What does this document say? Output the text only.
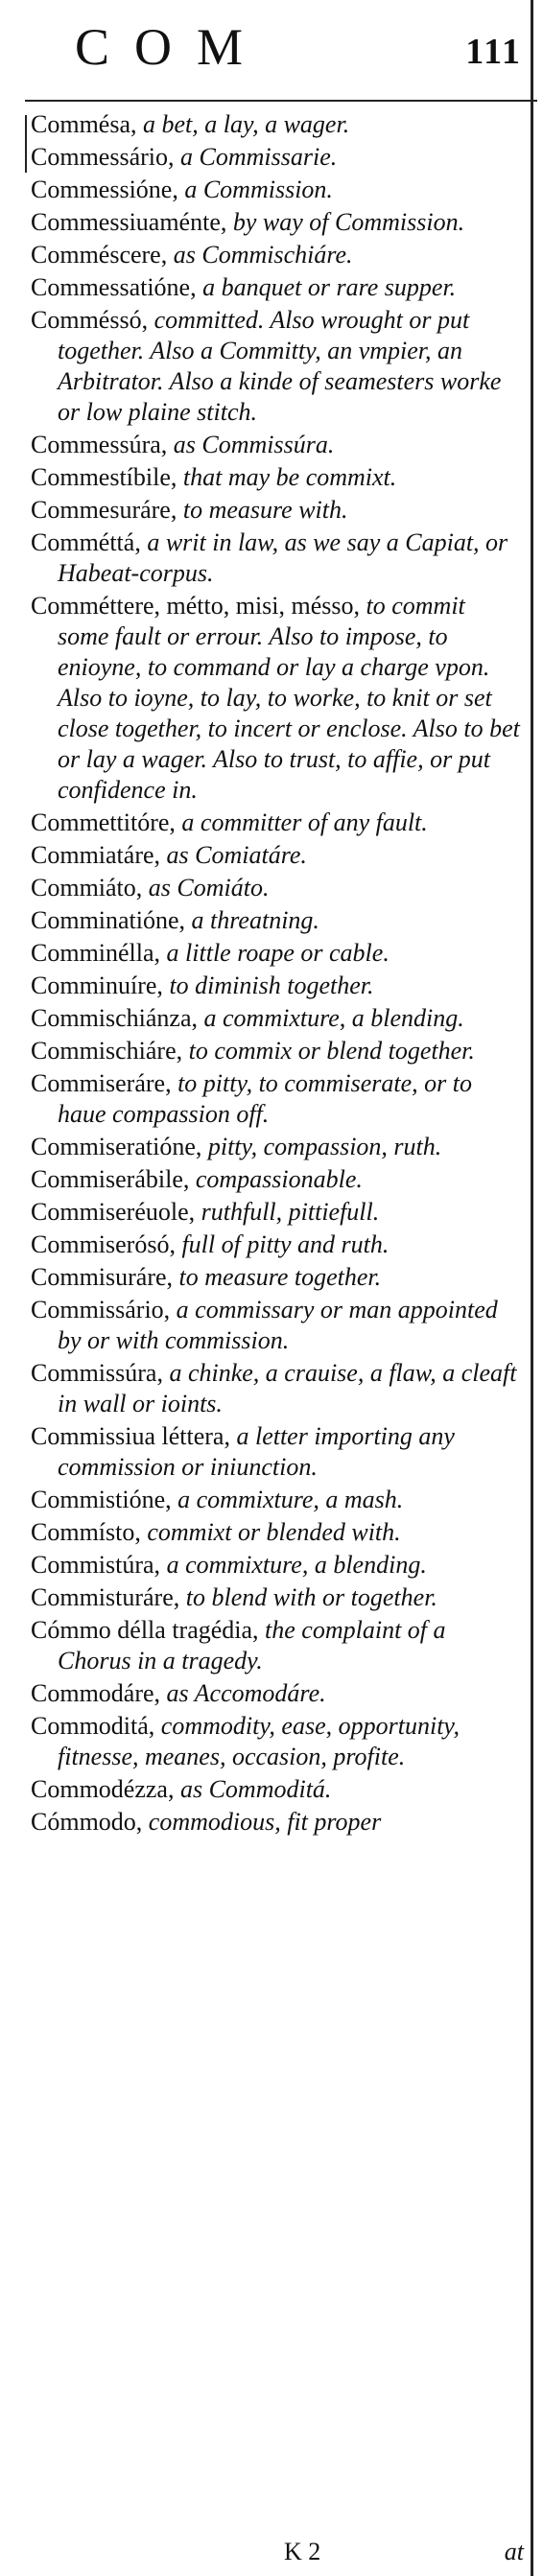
COM	111
Commésa, a bet, a lay, a wager.
Commessário, a Commissarie.
Commessióne, a Commission.
Commessiuaménte, by way of Commission.
Comméscere, as Commischiáre.
Commessatióne, a banquet or rare supper.
Comméssó, committed. Also wrought or put together. Also a Committy, an vmpier, an Arbitrator. Also a kinde of seamesters worke or low plaine stitch.
Commessúra, as Commissúra.
Commestíbile, that may be commixt.
Commesuráre, to measure with.
Comméttá, a writ in law, as we say a Capiat, or Habeat-corpus.
Comméttere, métto, misi, mésso, to commit some fault or errour. Also to impose, to enioyne, to command or lay a charge vpon. Also to ioyne, to lay, to worke, to knit or set close together, to incert or enclose. Also to bet or lay a wager. Also to trust, to affie, or put confidence in.
Commettitóre, a committer of any fault.
Commiatáre, as Comiatáre.
Commiáto, as Comiáto.
Comminatióne, a threatning.
Comminélla, a little roape or cable.
Comminuíre, to diminish together.
Commischiánza, a commixture, a blending.
Commischiáre, to commix or blend together.
Commiseráre, to pitty, to commiserate, or to haue compassion off.
Commiseratióne, pitty, compassion, ruth.
Commiserábile, compassionable.
Commiseréuole, ruthfull, pittiefull.
Commiserósó, full of pitty and ruth.
Commisuráre, to measure together.
Commissário, a commissary or man appointed by or with commission.
Commissúra, a chinke, a crauise, a flaw, a cleaft in wall or ioints.
Commissiua léttera, a letter importing any commission or iniunction.
Commistióne, a commixture, a mash.
Commísto, commixt or blended with.
Commistúra, a commixture, a blending.
Commisturáre, to blend with or together.
Cómmo délla tragédia, the complaint of a Chorus in a tragedy.
Commodáre, as Accomodáre.
Commoditá, commodity, ease, opportunity, fitnesse, meanes, occasion, profite.
Commodézza, as Commoditá.
Cómmodo, commodious, fit proper
K 2	at
